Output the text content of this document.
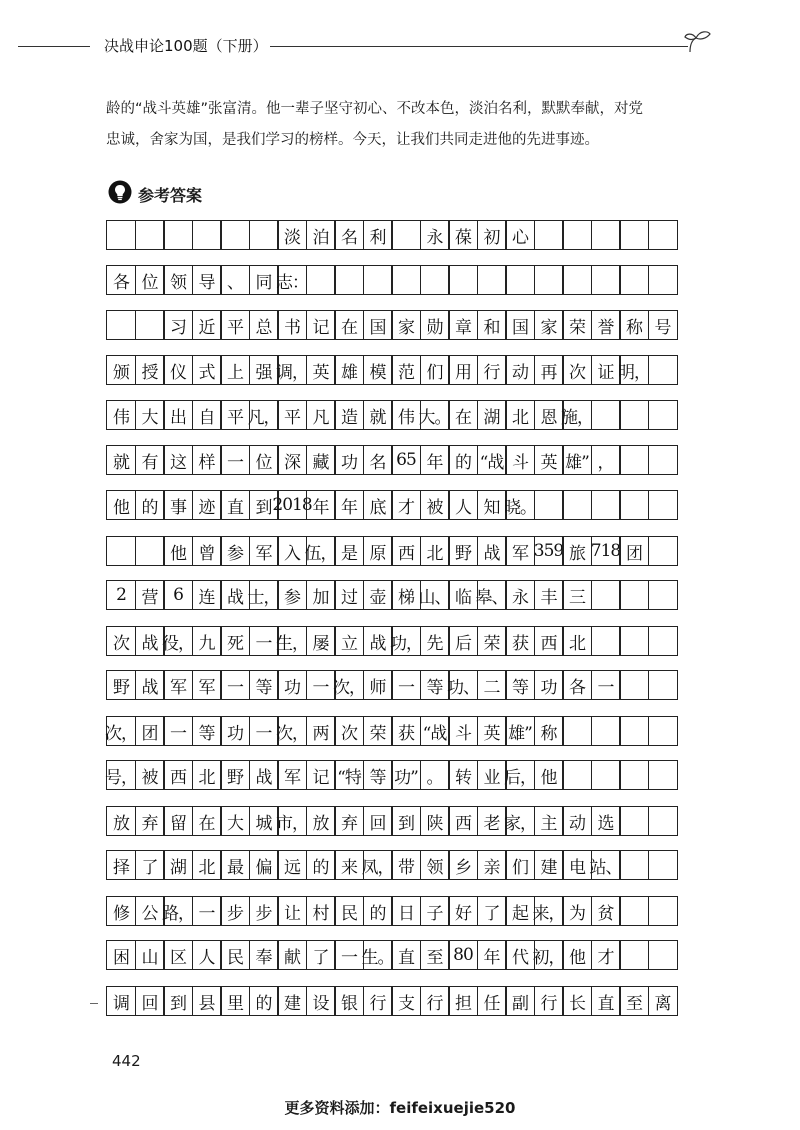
决战申论100题（下册）

龄的“战斗英雄”张富清。他一辈子坚守初心、不改本色，淡泊名利，默默奉献，对党

忠诚，舍家为国，是我们学习的榜样。今天，让我们共同走进他的先进事迹。

参考答案
淡 泊 名 利	永 葆 初 心
各 位 领 导 、 同 志：
习 近 平 总 书 记 在 国 家 勋 章 和 国 家 荣 誉 称 号
颁 授 仪 式 上 强 调， 英 雄 模 范 们 用 行 动 再 次 证 明，
伟 大 出 自 平 凡， 平 凡 造 就 伟 大。 在 湖 北 恩 施，
就 有 这 样 一 位 深 藏 功 名 65 年 的 “战 斗 英 雄” ，
他 的 事 迹 直 到 2018 年 年 底 才 被 人 知 晓。
他 曾 参 军 入 伍， 是 原 西 北 野 战 军 359 旅 718 团
2 营 6 连 战 士， 参 加 过 壶 梯 山、 临 皋、 永 丰 三
次 战 役， 九 死 一 生， 屡 立 战 功， 先 后 荣 获 西 北
野 战 军 军 一 等 功 一 次， 师 一 等 功、 二 等 功 各 一
次， 团 一 等 功 一 次， 两 次 荣 获 “战 斗 英 雄” 称
号， 被 西 北 野 战 军 记 “特 等 功” 。 转 业 后， 他
放 弃 留 在 大 城 市， 放 弃 回 到 陕 西 老 家， 主 动 选
择 了 湖 北 最 偏 远 的 来 凤， 带 领 乡 亲 们 建 电 站、
修 公 路， 一 步 步 让 村 民 的 日 子 好 了 起 来， 为 贫
困 山 区 人 民 奉 献 了 一 生。 直 至 80 年 代 初， 他 才
调 回 到 县 里 的 建 设 银 行 支 行 担 任 副 行 长 直 至 离
442
更多资料添加：feifeixuejie520
